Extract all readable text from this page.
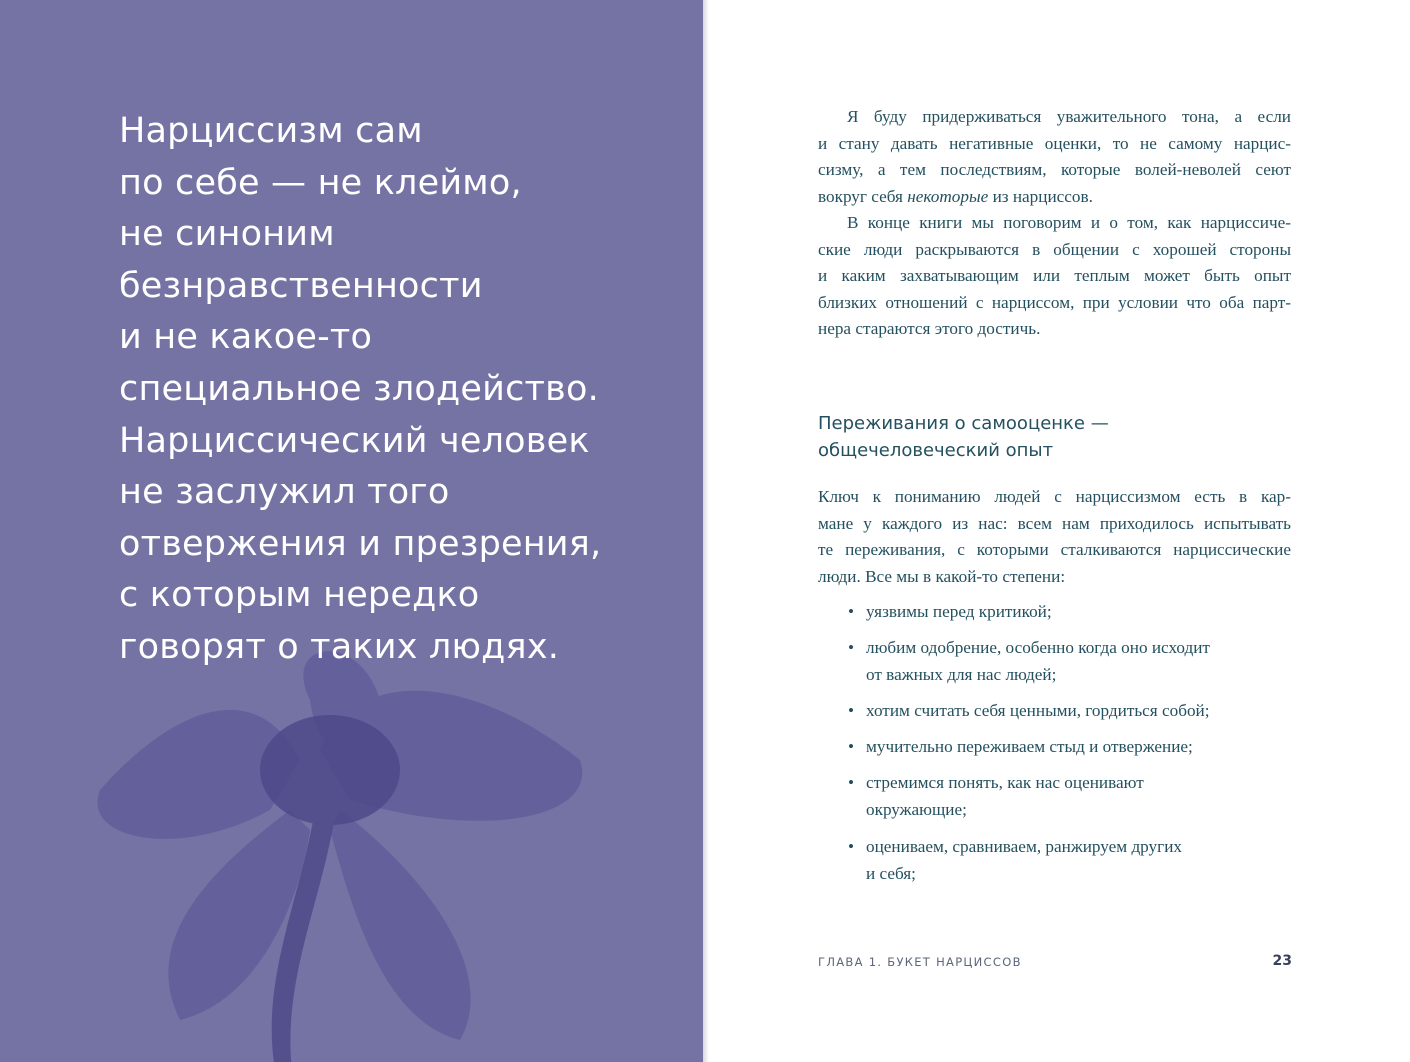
Нарциссизм сам
по себе — не клеймо,
не синоним
безнравственности
и не какое-то
специальное злодейство.
Нарциссический человек
не заслужил того
отвержения и презрения,
с которым нередко
говорят о таких людях.
Я буду придерживаться уважительного тона, а если
и стану давать негативные оценки, то не самому нарцис-
сизму, а тем последствиям, которые волей-неволей сеют
вокруг себя некоторые из нарциссов.
В конце книги мы поговорим и о том, как нарциссиче-
ские люди раскрываются в общении с хорошей стороны
и каким захватывающим или теплым может быть опыт
близких отношений с нарциссом, при условии что оба парт-
нера стараются этого достичь.
Переживания о самооценке —
общечеловеческий опыт
Ключ к пониманию людей с нарциссизмом есть в кар-
мане у каждого из нас: всем нам приходилось испытывать
те переживания, с которыми сталкиваются нарциссические
люди. Все мы в какой-то степени:
• уязвимы перед критикой;
• любим одобрение, особенно когда оно исходит
от важных для нас людей;
• хотим считать себя ценными, гордиться собой;
• мучительно переживаем стыд и отвержение;
• стремимся понять, как нас оценивают
окружающие;
• оцениваем, сравниваем, ранжируем других
и себя;
ГЛАВА 1. БУКЕТ НАРЦИССОВ	23
